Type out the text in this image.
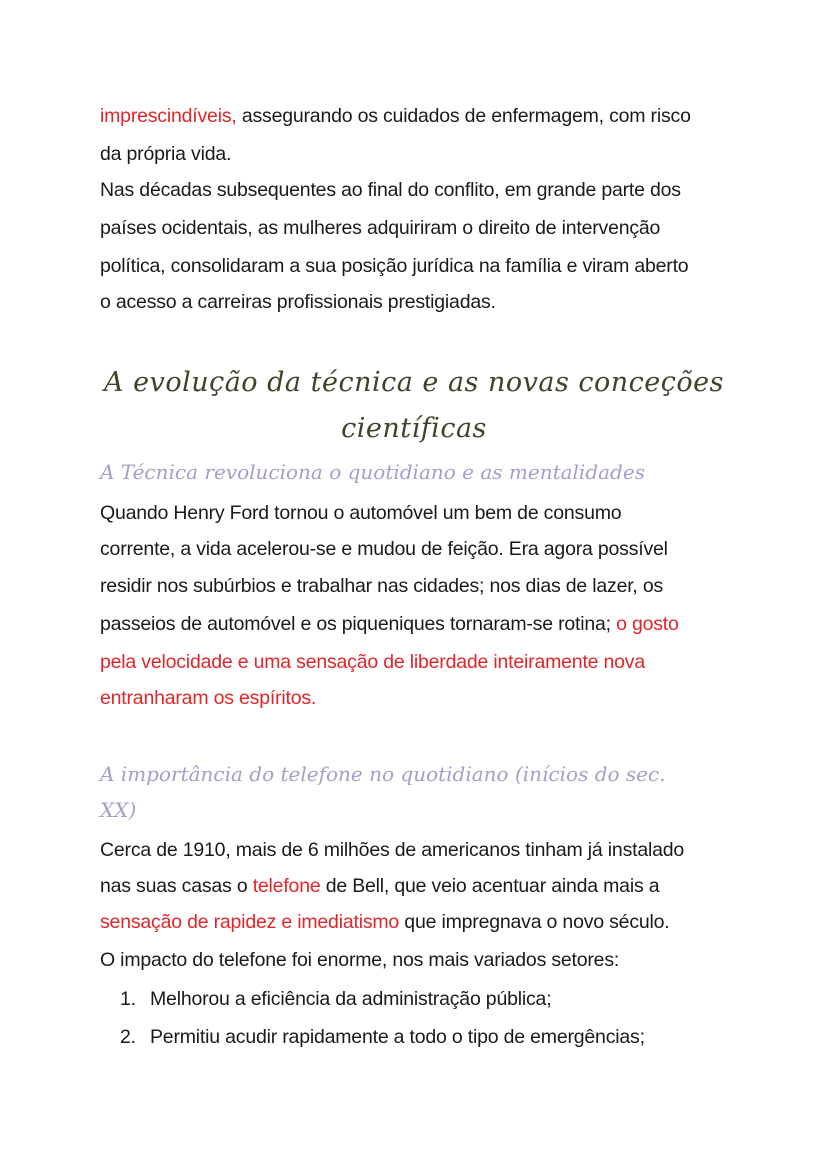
A evolução da técnica e as novas conceções
científicas
A Técnica revoluciona o quotidiano e as mentalidades
A importância do telefone no quotidiano (inícios do sec.
XX)
1. Melhorou a eficiência da administração pública;
2. Permitiu acudir rapidamente a todo o tipo de emergências;
imprescindíveis, assegurando os cuidados de enfermagem, com risco
da própria vida.
Nas décadas subsequentes ao final do conflito, em grande parte dos
países ocidentais, as mulheres adquiriram o direito de intervenção
política, consolidaram a sua posição jurídica na família e viram aberto
o acesso a carreiras profissionais prestigiadas.
Quando Henry Ford tornou o automóvel um bem de consumo
corrente, a vida acelerou-se e mudou de feição. Era agora possível
residir nos subúrbios e trabalhar nas cidades; nos dias de lazer, os
passeios de automóvel e os piqueniques tornaram-se rotina; o gosto
pela velocidade e uma sensação de liberdade inteiramente nova
entranharam os espíritos.
Cerca de 1910, mais de 6 milhões de americanos tinham já instalado
nas suas casas o telefone de Bell, que veio acentuar ainda mais a
sensação de rapidez e imediatismo que impregnava o novo século.
O impacto do telefone foi enorme, nos mais variados setores:
